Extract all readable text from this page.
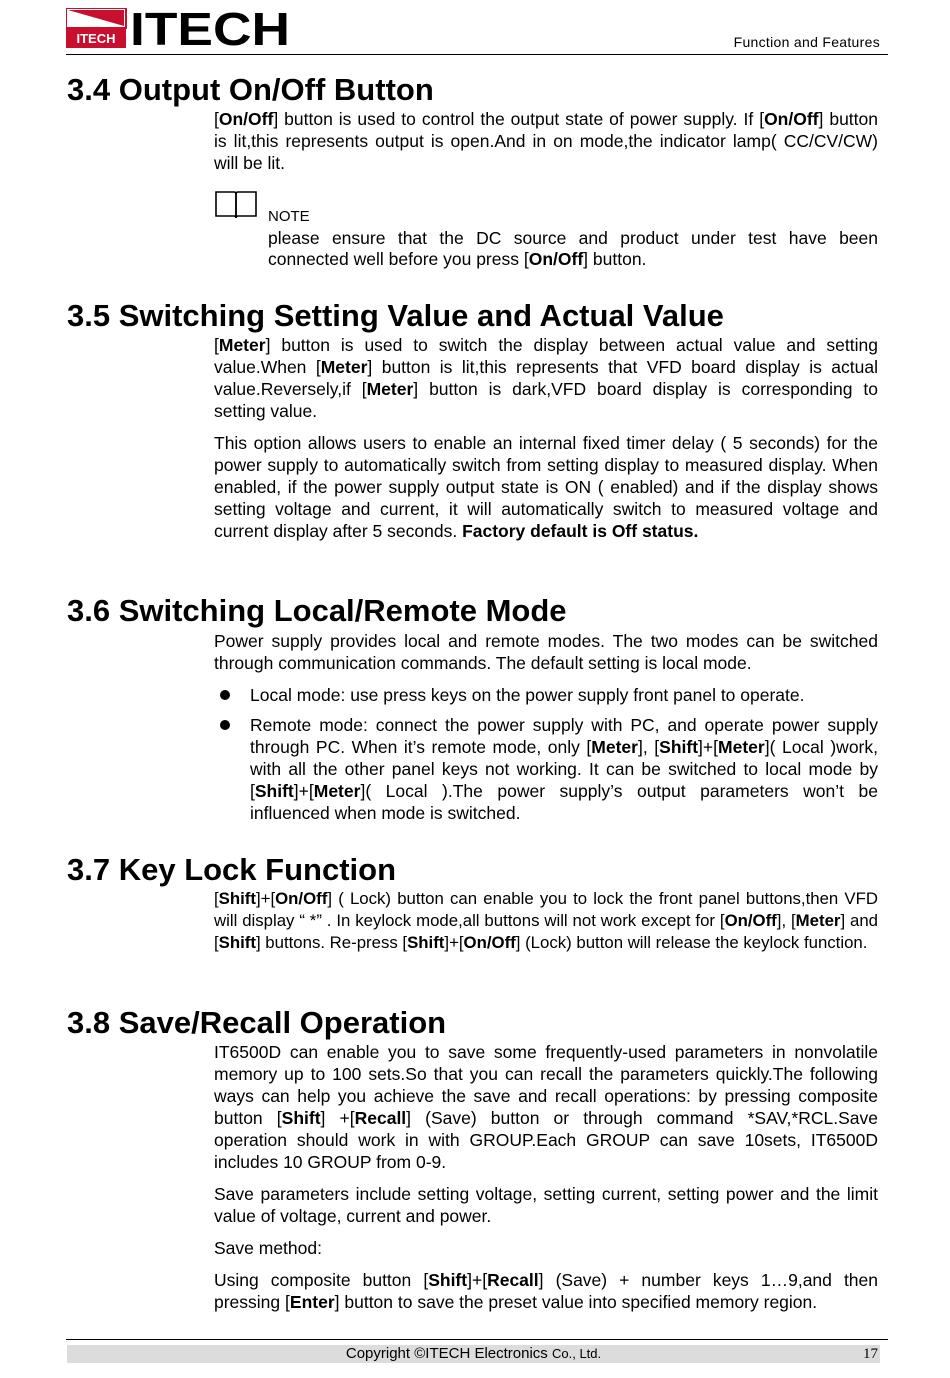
ITECH ITECH	Function and Features
3.4 Output On/Off Button

[On/Off] button is used to control the output state of power supply. If [On/Off] button is lit,this represents output is open.And in on mode,the indicator lamp( CC/CV/CW) will be lit.

NOTE
please ensure that the DC source and product under test have been connected well before you press [On/Off] button.
3.5 Switching Setting Value and Actual Value

[Meter] button is used to switch the display between actual value and setting value.When [Meter] button is lit,this represents that VFD board display is actual value.Reversely,if [Meter] button is dark,VFD board display is corresponding to setting value.

This option allows users to enable an internal fixed timer delay ( 5 seconds) for the power supply to automatically switch from setting display to measured display. When enabled, if the power supply output state is ON ( enabled) and if the display shows setting voltage and current, it will automatically switch to measured voltage and current display after 5 seconds. Factory default is Off status.

3.6 Switching Local/Remote Mode

Power supply provides local and remote modes. The two modes can be switched through communication commands. The default setting is local mode.

Local mode: use press keys on the power supply front panel to operate.
Remote mode: connect the power supply with PC, and operate power supply through PC. When it’s remote mode, only [Meter], [Shift]+[Meter]( Local )work, with all the other panel keys not working. It can be switched to local mode by [Shift]+[Meter]( Local ).The power supply’s output parameters won’t be influenced when mode is switched.
3.7 Key Lock Function

[Shift]+[On/Off] ( Lock) button can enable you to lock the front panel buttons,then VFD will display “ *” . In keylock mode,all buttons will not work except for [On/Off], [Meter] and [Shift] buttons. Re-press [Shift]+[On/Off] (Lock) button will release the keylock function.

3.8 Save/Recall Operation

IT6500D can enable you to save some frequently-used parameters in nonvolatile memory up to 100 sets.So that you can recall the parameters quickly.The following ways can help you achieve the save and recall operations: by pressing composite button [Shift] +[Recall] (Save) button or through command *SAV,*RCL.Save operation should work in with GROUP.Each GROUP can save 10sets, IT6500D includes 10 GROUP from 0-9.

Save parameters include setting voltage, setting current, setting power and the limit value of voltage, current and power.

Save method:

Using composite button [Shift]+[Recall] (Save) + number keys 1…9,and then pressing [Enter] button to save the preset value into specified memory region.

Copyright ©ITECH Electronics Co., Ltd.	17
